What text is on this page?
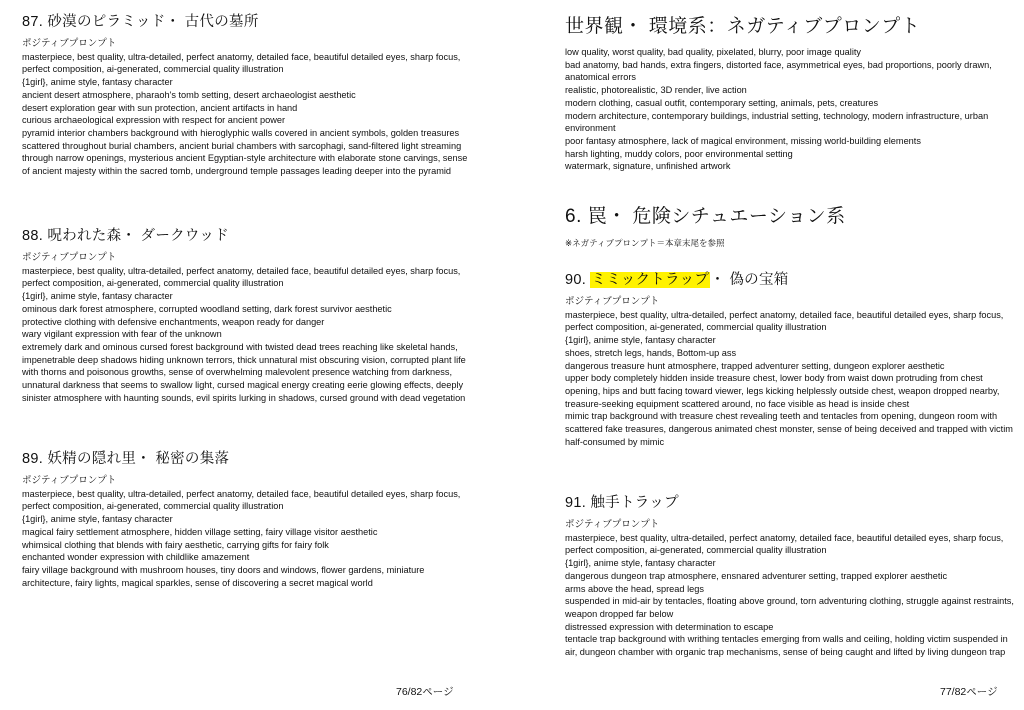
87. 砂漠のピラミッド・ 古代の墓所
ポジティブプロンプト
masterpiece, best quality, ultra-detailed, perfect anatomy, detailed face, beautiful detailed eyes, sharp focus, perfect composition, ai-generated, commercial quality illustration
{1girl}, anime style, fantasy character
ancient desert atmosphere, pharaoh's tomb setting, desert archaeologist aesthetic
desert exploration gear with sun protection, ancient artifacts in hand
curious archaeological expression with respect for ancient power
pyramid interior chambers background with hieroglyphic walls covered in ancient symbols, golden treasures scattered throughout burial chambers, ancient burial chambers with sarcophagi, sand-filtered light streaming through narrow openings, mysterious ancient Egyptian-style architecture with elaborate stone carvings, sense of ancient majesty within the sacred tomb, underground temple passages leading deeper into the pyramid
88. 呪われた森・ ダークウッド
ポジティブプロンプト
masterpiece, best quality, ultra-detailed, perfect anatomy, detailed face, beautiful detailed eyes, sharp focus, perfect composition, ai-generated, commercial quality illustration
{1girl}, anime style, fantasy character
ominous dark forest atmosphere, corrupted woodland setting, dark forest survivor aesthetic
protective clothing with defensive enchantments, weapon ready for danger
wary vigilant expression with fear of the unknown
extremely dark and ominous cursed forest background with twisted dead trees reaching like skeletal hands, impenetrable deep shadows hiding unknown terrors, thick unnatural mist obscuring vision, corrupted plant life with thorns and poisonous growths, sense of overwhelming malevolent presence watching from darkness, unnatural darkness that seems to swallow light, cursed magical energy creating eerie glowing effects, deeply sinister atmosphere with haunting sounds, evil spirits lurking in shadows, cursed ground with dead vegetation
89. 妖精の隠れ里・ 秘密の集落
ポジティブプロンプト
masterpiece, best quality, ultra-detailed, perfect anatomy, detailed face, beautiful detailed eyes, sharp focus, perfect composition, ai-generated, commercial quality illustration
{1girl}, anime style, fantasy character
magical fairy settlement atmosphere, hidden village setting, fairy village visitor aesthetic
whimsical clothing that blends with fairy aesthetic, carrying gifts for fairy folk
enchanted wonder expression with childlike amazement
fairy village background with mushroom houses, tiny doors and windows, flower gardens, miniature architecture, fairy lights, magical sparkles, sense of discovering a secret magical world
76/82ページ
世界観・ 環境系：ネガティブプロンプト
low quality, worst quality, bad quality, pixelated, blurry, poor image quality
bad anatomy, bad hands, extra fingers, distorted face, asymmetrical eyes, bad proportions, poorly drawn, anatomical errors
realistic, photorealistic, 3D render, live action
modern clothing, casual outfit, contemporary setting, animals, pets, creatures
modern architecture, contemporary buildings, industrial setting, technology, modern infrastructure, urban environment
poor fantasy atmosphere, lack of magical environment, missing world-building elements
harsh lighting, muddy colors, poor environmental setting
watermark, signature, unfinished artwork
6. 罠・ 危険シチュエーション系
※ネガティブプロンプト＝本章末尾を参照
90. ミミックトラップ・ 偽の宝箱
ポジティブプロンプト
masterpiece, best quality, ultra-detailed, perfect anatomy, detailed face, beautiful detailed eyes, sharp focus, perfect composition, ai-generated, commercial quality illustration
{1girl}, anime style, fantasy character
shoes, stretch legs, hands, Bottom-up ass
dangerous treasure hunt atmosphere, trapped adventurer setting, dungeon explorer aesthetic
upper body completely hidden inside treasure chest, lower body from waist down protruding from chest opening, hips and butt facing toward viewer, legs kicking helplessly outside chest, weapon dropped nearby, treasure-seeking equipment scattered around, no face visible as head is inside chest
mimic trap background with treasure chest revealing teeth and tentacles from opening, dungeon room with scattered fake treasures, dangerous animated chest monster, sense of being deceived and trapped with victim half-consumed by mimic
91. 触手トラップ
ポジティブプロンプト
masterpiece, best quality, ultra-detailed, perfect anatomy, detailed face, beautiful detailed eyes, sharp focus, perfect composition, ai-generated, commercial quality illustration
{1girl}, anime style, fantasy character
dangerous dungeon trap atmosphere, ensnared adventurer setting, trapped explorer aesthetic
arms above the head, spread legs
suspended in mid-air by tentacles, floating above ground, torn adventuring clothing, struggle against restraints, weapon dropped far below
distressed expression with determination to escape
tentacle trap background with writhing tentacles emerging from walls and ceiling, holding victim suspended in air, dungeon chamber with organic trap mechanisms, sense of being caught and lifted by living dungeon trap
77/82ページ
